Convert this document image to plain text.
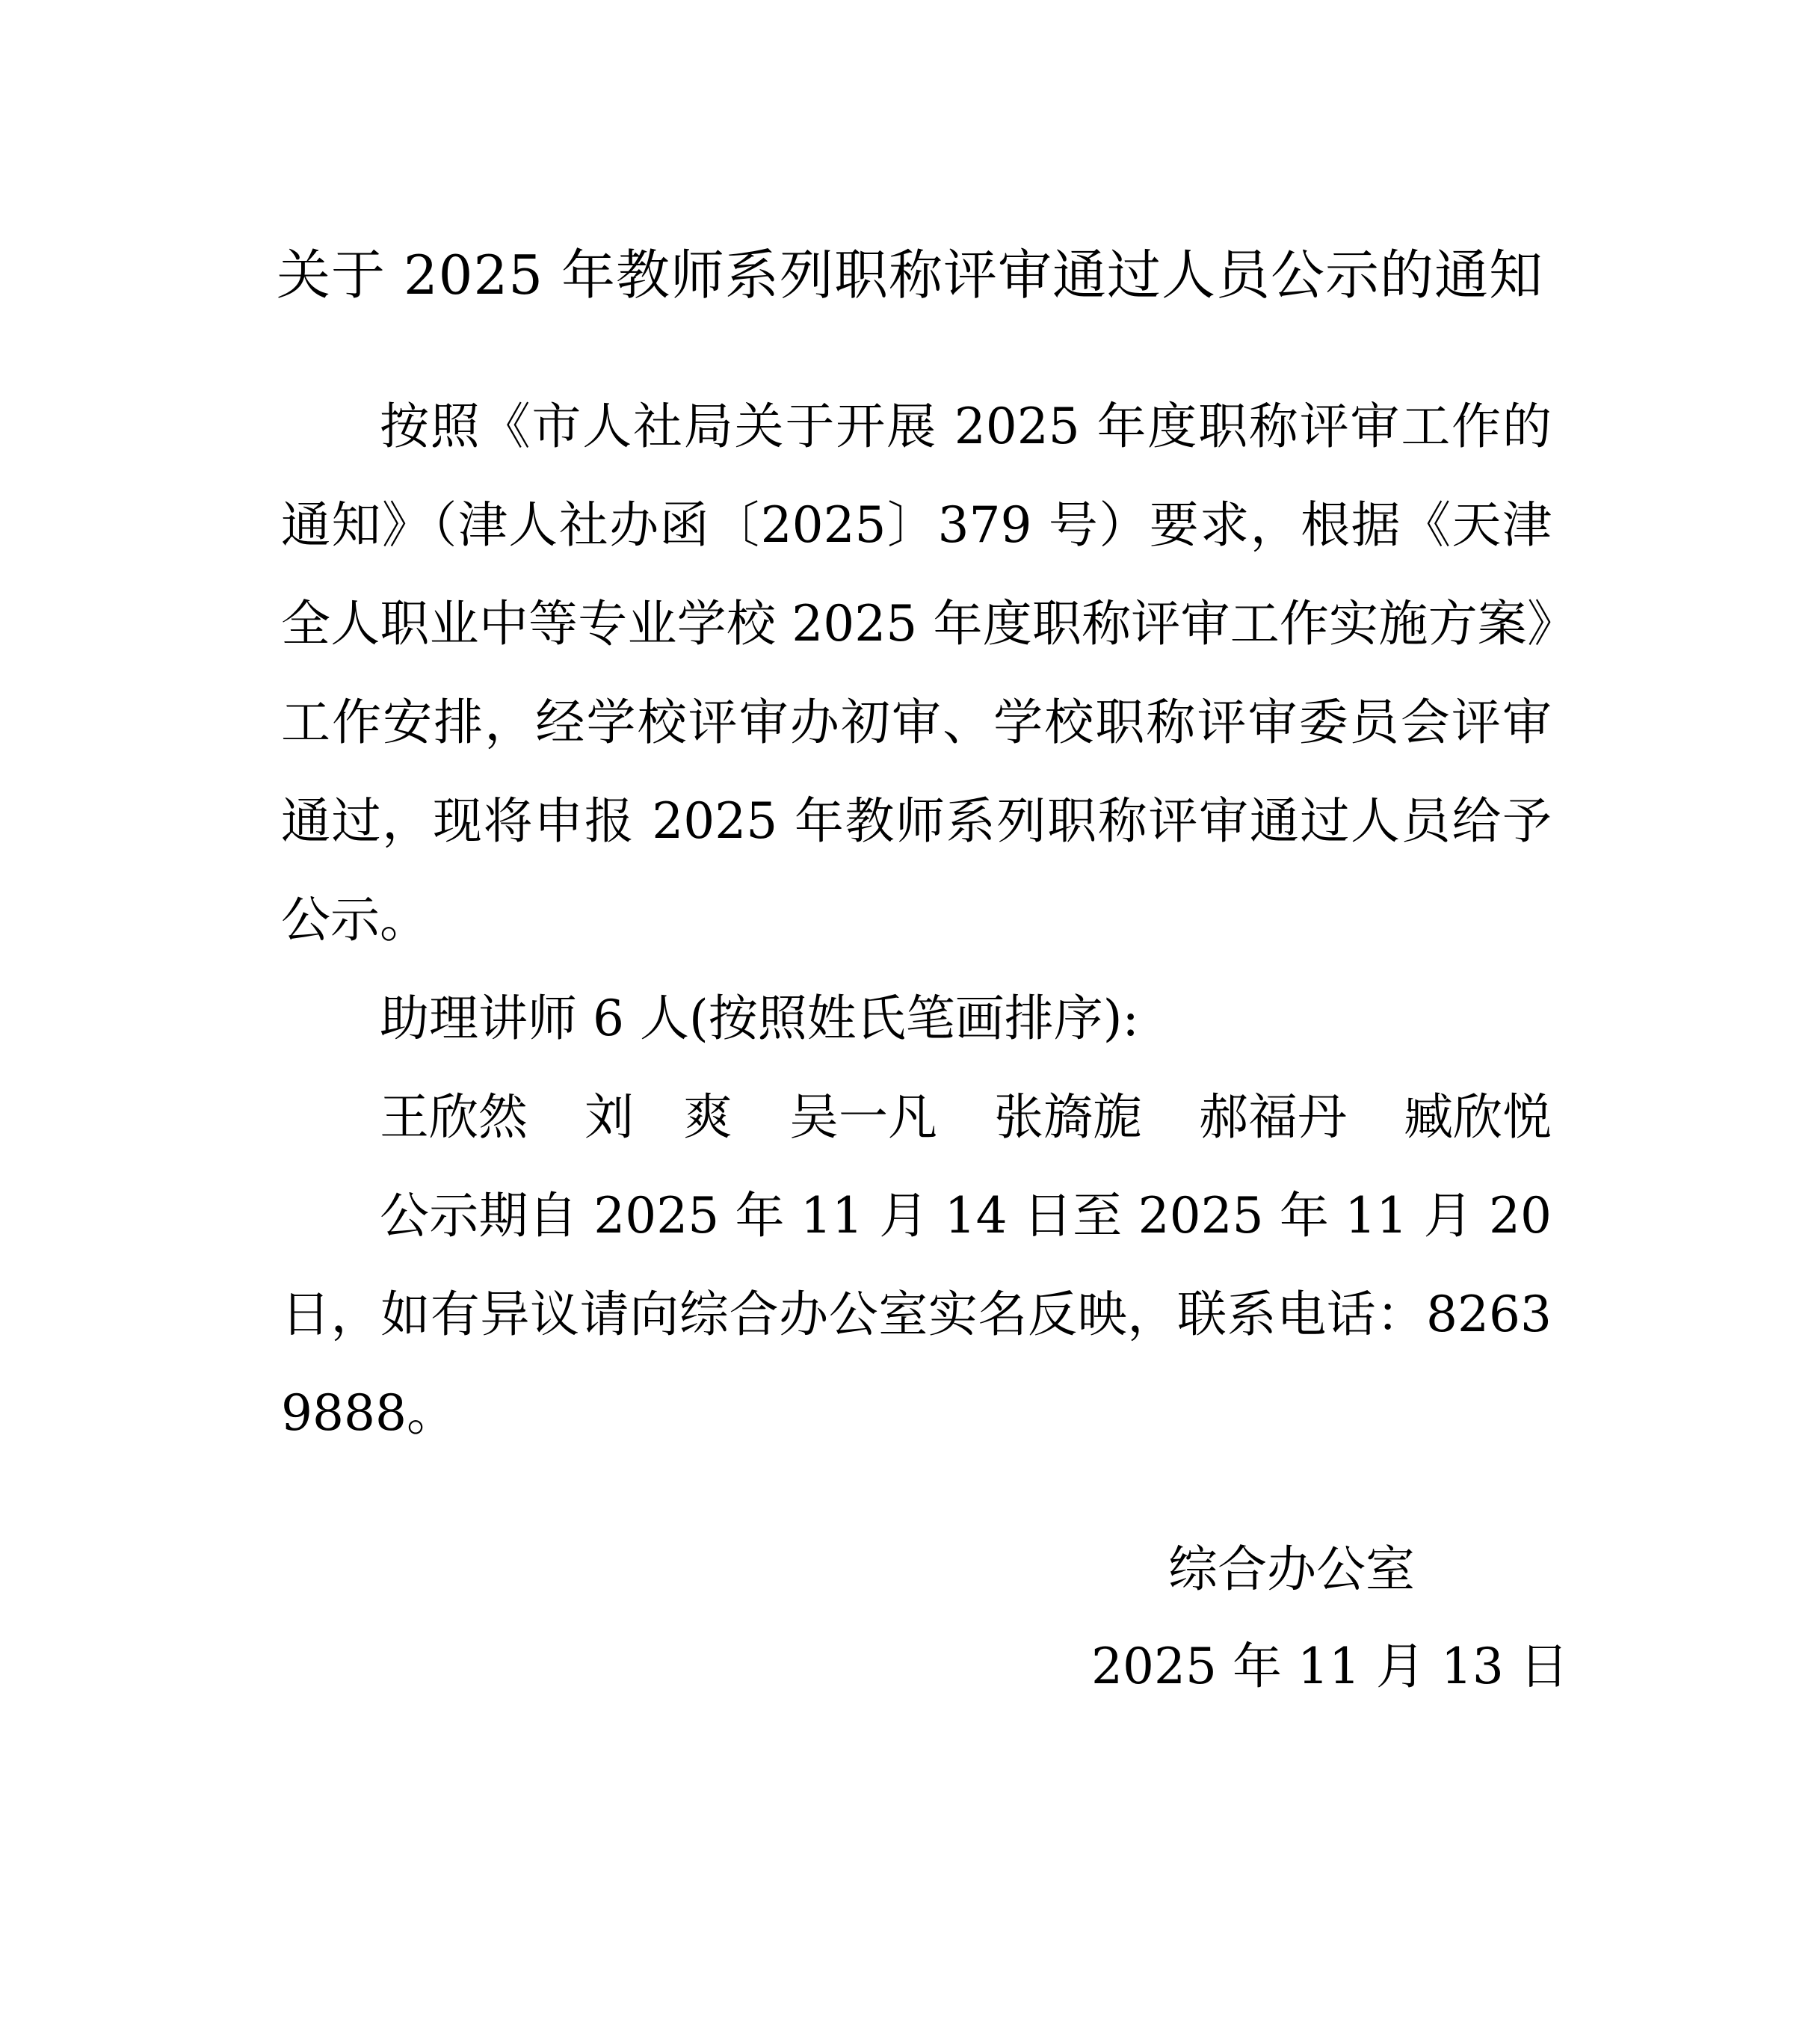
关于 2025 年教师系列职称评审通过人员公示的通知

按照《市人社局关于开展 2025 年度职称评审工作的通知》（津人社办函〔2025〕379 号）要求，根据《天津全人职业中等专业学校 2025 年度职称评审工作实施方案》工作安排，经学校评审办初审、学校职称评审委员会评审通过，现将申报 2025 年教师系列职称评审通过人员给予公示。

助理讲师 6 人(按照姓氏笔画排序):

王欣然 刘　爽 吴一凡 张旖旎 郝福丹 臧欣悦

公示期自 2025 年 11 月 14 日至 2025 年 11 月 20 日，如有异议请向综合办公室实名反映，联系电话：82639888。

综合办公室
2025 年 11 月 13 日
